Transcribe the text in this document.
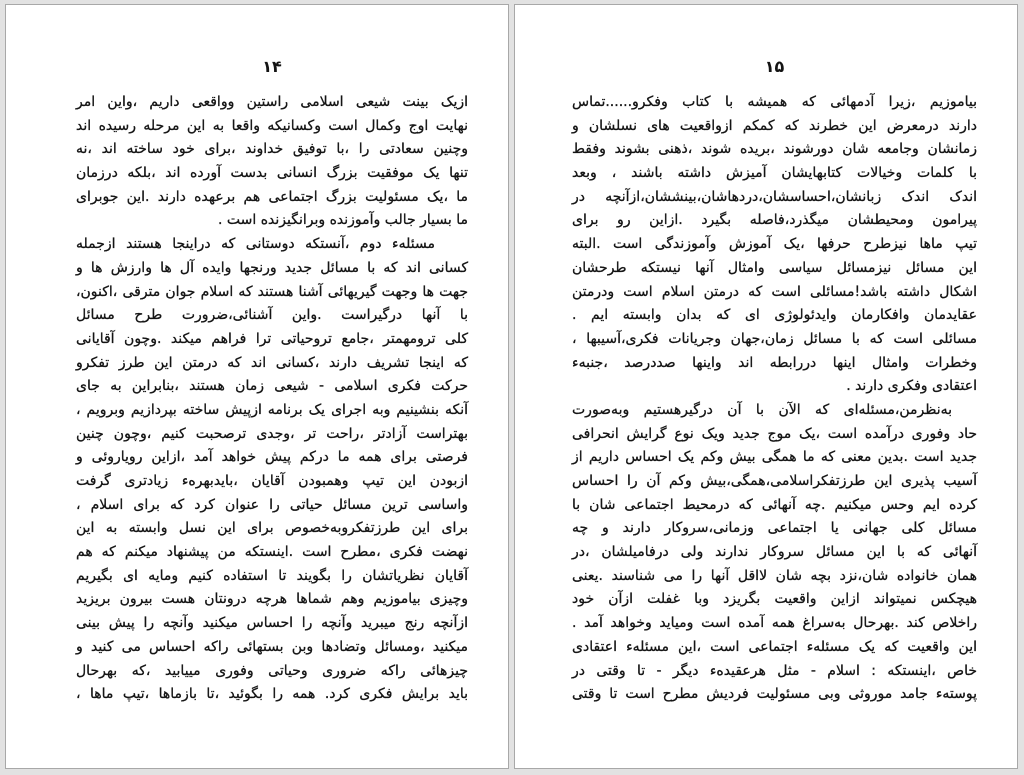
۱۴
ازیک بینت شیعی اسلامی راستین وواقعی داریم ،واین امر
نهایت اوج وکمال است وکسانیکه واقعا به این مرحله رسیده اند
وچنین سعادتی را ،با توفیق خداوند ،برای خود ساخته اند ،نه
تنها یک موفقیت بزرگ انسانی بدست آورده اند ،بلکه درزمان
ما ،یک مسئولیت بزرگ اجتماعی هم برعهده دارند .این جوبرای
ما بسیار جالب وآموزنده وبرانگیزنده است .
مسئلهء دوم ،آنستکه دوستانی که دراینجا هستند ازجمله
کسانی اند که با مسائل جدید ورنجها وایده آل ها وارزش ها و
جهت ها وجهت گیریهائی آشنا هستند که اسلام جوان مترقی ،اکنون،
با آنها درگیراست .واین آشنائی،ضرورت طرح مسائل
کلی ترومهمتر ،جامع تروحیاتی ترا فراهم میکند .وچون آقایانی
که اینجا تشریف دارند ،کسانی اند که درمتن این طرز تفکرو
حرکت فکری اسلامی - شیعی زمان هستند ،بنابراین به جای
آنکه بنشینیم وبه اجرای یک برنامه ازپیش ساخته بپردازیم وبرویم ،
بهتراست آزادتر ،راحت تر ،وجدی ترصحبت کنیم ،وچون چنین
فرصتی برای همه ما درکم پیش خواهد آمد ،ازاین رویاروئی و
ازبودن این تیپ وهمبودن آقایان ،بایدبهرهء زیادتری گرفت
واساسی ترین مسائل حیاتی را عنوان کرد که برای اسلام ،
برای این طرزتفکروبه‌خصوص برای این نسل وابسته به این
نهضت فکری ،مطرح است .اینستکه من پیشنهاد میکنم که هم
آقایان نظریاتشان را بگویند تا استفاده کنیم ومایه ای بگیریم
وچیزی بیاموزیم وهم شماها هرچه درونتان هست بیرون بریزید
ازآنچه رنج میبرید وآنچه را احساس میکنید وآنچه را پیش بینی
میکنید ،ومسائل وتضادها وبن بستهائی راکه احساس می کنید و
چیزهائی راکه ضروری وحیاتی وفوری مییابید ،که بهرحال
باید برایش فکری کرد. همه را بگوئید ،تا بازماها ،تیپ ماها ،
۱۵
بیاموزیم ،زیرا آدمهائی که همیشه با کتاب وفکرو......تماس
دارند درمعرض این خطرند که کمکم ازواقعیت های نسلشان و
زمانشان وجامعه شان دورشوند ،بریده شوند ،ذهنی بشوند وفقط
با کلمات وخیالات کتابهایشان آمیزش داشته باشند ، وبعد
اندک اندک زبانشان،احساسشان،دردهاشان،بینششان،ازآنچه در
پیرامون ومحیطشان میگذرد،فاصله بگیرد .ازاین رو برای
تیپ ماها نیزطرح حرفها ،یک آموزش وآموزندگی است .البته
این مسائل نیزمسائل سیاسی وامثال آنها نیستکه طرحشان
اشکال داشته باشد!مسائلی است که درمتن اسلام است ودرمتن
عقایدمان وافکارمان وایدئولوژی ای که بدان وابسته ایم .
مسائلی است که با مسائل زمان،جهان وجریانات فکری،آسیبها ،
وخطرات وامثال اینها دررابطه اند واینها صددرصد ،جنبهء
اعتقادی وفکری دارند .
به‌نظرمن،مسئله‌ای که الآن با آن درگیرهستیم وبه‌صورت
حاد وفوری درآمده است ،یک موج جدید ویک نوع گرایش انحرافی
جدید است .بدین معنی که ما همگی بیش وکم یک احساس داریم از
آسیب پذیری این طرزتفکراسلامی،همگی،بیش وکم آن را احساس
کرده ایم وحس میکنیم .چه آنهائی که درمحیط اجتماعی شان با
مسائل کلی جهانی یا اجتماعی وزمانی،سروکار دارند و چه
آنهائی که با این مسائل سروکار ندارند ولی درفامیلشان ،در
همان خانواده شان،نزد بچه شان لااقل آنها را می شناسند .یعنی
هیچکس نمیتواند ازاین واقعیت بگریزد وبا غفلت ازآن خود
راخلاص کند .بهرحال به‌سراغ همه آمده است ومیاید وخواهد آمد .
این واقعیت که یک مسئلهء اجتماعی است ،این مسئلهء اعتقادی
خاص ،اینستکه : اسلام - مثل هرعقیدهء دیگر - تا وقتی در
پوستهء جامد موروثی وبی مسئولیت فردیش مطرح است تا وقتی
